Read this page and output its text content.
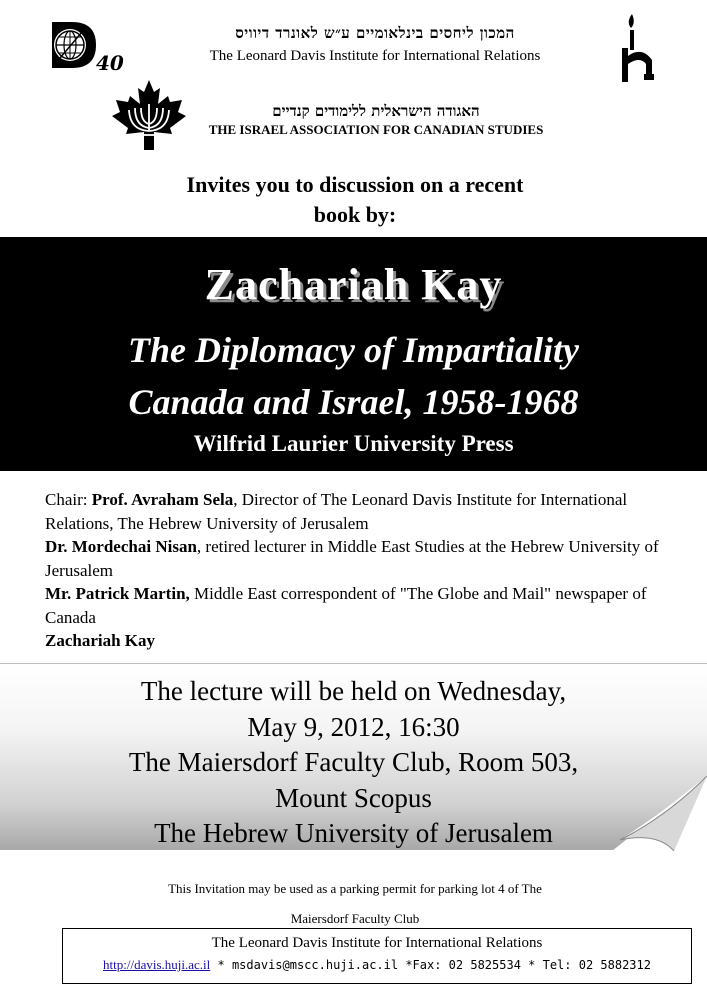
40
המכון ליחסים בינלאומיים ע״ש לאונרד דיוויס
The Leonard Davis Institute for International Relations
האגודה הישראלית ללימודים קנדיים
THE ISRAEL ASSOCIATION FOR CANADIAN STUDIES
Invites you to discussion on a recent
book by:
Zachariah Kay
The Diplomacy of Impartiality
Canada and Israel, 1958-1968
Wilfrid Laurier University Press
Chair: Prof. Avraham Sela, Director of The Leonard Davis Institute for International Relations, The Hebrew University of Jerusalem
Dr. Mordechai Nisan, retired lecturer in Middle East Studies at the Hebrew University of Jerusalem
Mr. Patrick Martin, Middle East correspondent of "The Globe and Mail" newspaper of Canada
Zachariah Kay
The lecture will be held on Wednesday,
May 9, 2012, 16:30
The Maiersdorf Faculty Club, Room 503,
Mount Scopus
The Hebrew University of Jerusalem
This Invitation may be used as a parking permit for parking lot 4 of The
Maiersdorf Faculty Club
The Leonard Davis Institute for International Relations
http://davis.huji.ac.il * msdavis@mscc.huji.ac.il *Fax: 02 5825534 * Tel: 02 5882312
